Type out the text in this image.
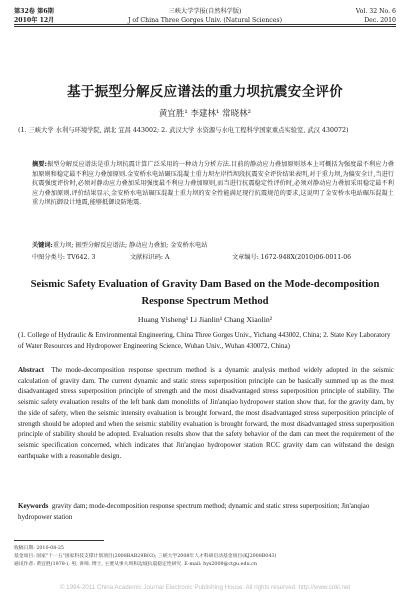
第32卷 第6期
2010年 12月
三峡大学学报(自然科学版)
J of China Three Gorges Univ. (Natural Sciences)
Vol. 32 No. 6
Dec. 2010
基于振型分解反应谱法的重力坝抗震安全评价
黄宜胜¹ 李建林¹ 常晓林²
(1. 三峡大学 水利与环境学院, 湖北 宜昌 443002; 2. 武汉大学 水资源与水电工程科学国家重点实验室, 武汉 430072)
摘要:振型分解反应谱法是重力坝抗震计算广泛采用的一种动力分析方法.目前的静动应力叠加原则基本上可概括为强度最不利应力叠加原则和稳定最不利应力叠加原则.金安桥水电站碾压混凝土重力坝左岸挡坝段抗震安全评价结果表明,对于重力坝,为偏安全计,当进行抗震强度评价时,必须对静动应力叠加采用强度最不利应力叠加原则,而当进行抗震稳定性评价时,必须对静动应力叠加采用稳定最不利应力叠加原则.评价结果显示,金安桥水电站碾压混凝土重力坝的安全性能满足现行抗震规范的要求,这说明了金安桥水电站碾压混凝土重力坝抗御设计地震,能够抵御设防地震.
关键词:重力坝; 振型分解反应谱法; 静动应力叠加; 金安桥水电站
中图分类号: TV642. 3	文献标识码: A	文章编号: 1672-948X(2010)06-0011-06
Seismic Safety Evaluation of Gravity Dam Based on the Mode-decomposition
Response Spectrum Method
Huang Yisheng¹ Li Jianlin¹ Chang Xiaolin²
(1. College of Hydraulic & Environmental Engineering, China Three Gorges Univ., Yichang 443002, China; 2. State Key Laboratory of Water Resources and Hydropower Engineering Science, Wuhan Univ., Wuhan 430072, China)
Abstract The mode-decomposition response spectrum method is a dynamic analysis method widely adopted in the seismic calculation of gravity dam. The current dynamic and static stress superposition principle can be basically summed up as the most disadvantaged stress superposition principle of strength and the most disadvantaged stress superposition principle of stability. The seismic safety evaluation results of the left bank dam monoliths of Jin'anqiao hydropower station show that, for the gravity dam, by the side of safety, when the seismic intensity evaluation is brought forward, the most disadvantaged stress superposition principle of strength should be adopted and when the seismic stability evaluation is brought forward, the most disadvantaged stress superposition principle of stability should be adopted. Evaluation results show that the safety behavior of the dam can meet the requirement of the seismic specification concerned, which indicates that Jin'anqiao hydropower station RCC gravity dam can withstand the design earthquake with a reasonable design.
Keywords gravity dam; mode-decomposition response spectrum method; dynamic and static stress superposition; Jin'anqiao hydropower station
收稿日期: 2010-08-25
基金项目: 国家"十一五"国家科技支撑计划项目(2008BAB29B03); 三峡大学2008年人才科研启动基金项目(KJ2008B043)
通讯作者: 黄宜胜(1978-), 男, 讲师, 博士, 主要从事大坝和边坡抗震稳定性研究. E-mail: hys2009@ctgu.edu.cn
© 1994-2011 China Academic Journal Electronic Publishing House. All rights reserved. http://www.cnki.net
